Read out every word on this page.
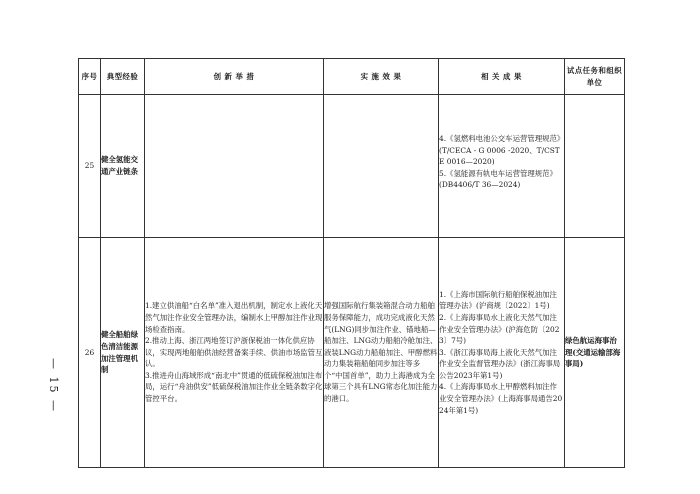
序号	典型经验	创 新 举 措	实 施 效 果	相 关 成 果	试点任务和组织单位
25	健全氢能交通产业链条			4.《氢燃料电池公交车运营管理规范》(T/CECA - G 0006 -2020、T/CSTE 0016—2020)
5.《氢能源有轨电车运营管理规范》(DB4406/T 36—2024)	

26	健全船舶绿色清洁能源加注管理机制	1.建立供油船“白名单”准入退出机制，制定水上液化天然气加注作业安全管理办法，编制水上甲醇加注作业现场检查指南。
2.推动上海、浙江两地签订沪浙保税油一体化供应协议，实现两地船舶供油经营备案手续、供油市场监管互认。
3.推进舟山海域形成“南北中”贯通的低硫保税油加注布局，运行“舟油供安”低硫保税油加注作业全链条数字化管控平台。	增强国际航行集装箱混合动力船舶服务保障能力，成功完成液化天然气(LNG)同步加注作业、锚地船—船加注、LNG动力船舶冷舱加注、液装LNG动力船舶加注、甲醇燃料动力集装箱船舶同步加注等多个“中国首单”，助力上海港成为全球第三个具有LNG常态化加注能力的港口。	1.《上海市国际航行船舶保税油加注管理办法》(沪商规〔2022〕1号)
2.《上海海事局水上液化天然气加注作业安全管理办法》(沪海危防〔2023〕7号)
3.《浙江海事局海上液化天然气加注作业安全监督管理办法》(浙江海事局公告2023年第1号)
4.《上海海事局水上甲醇燃料加注作业安全管理办法》(上海海事局通告2024年第1号)	绿色航运海事治理(交通运输部海事局)
— 15 —
